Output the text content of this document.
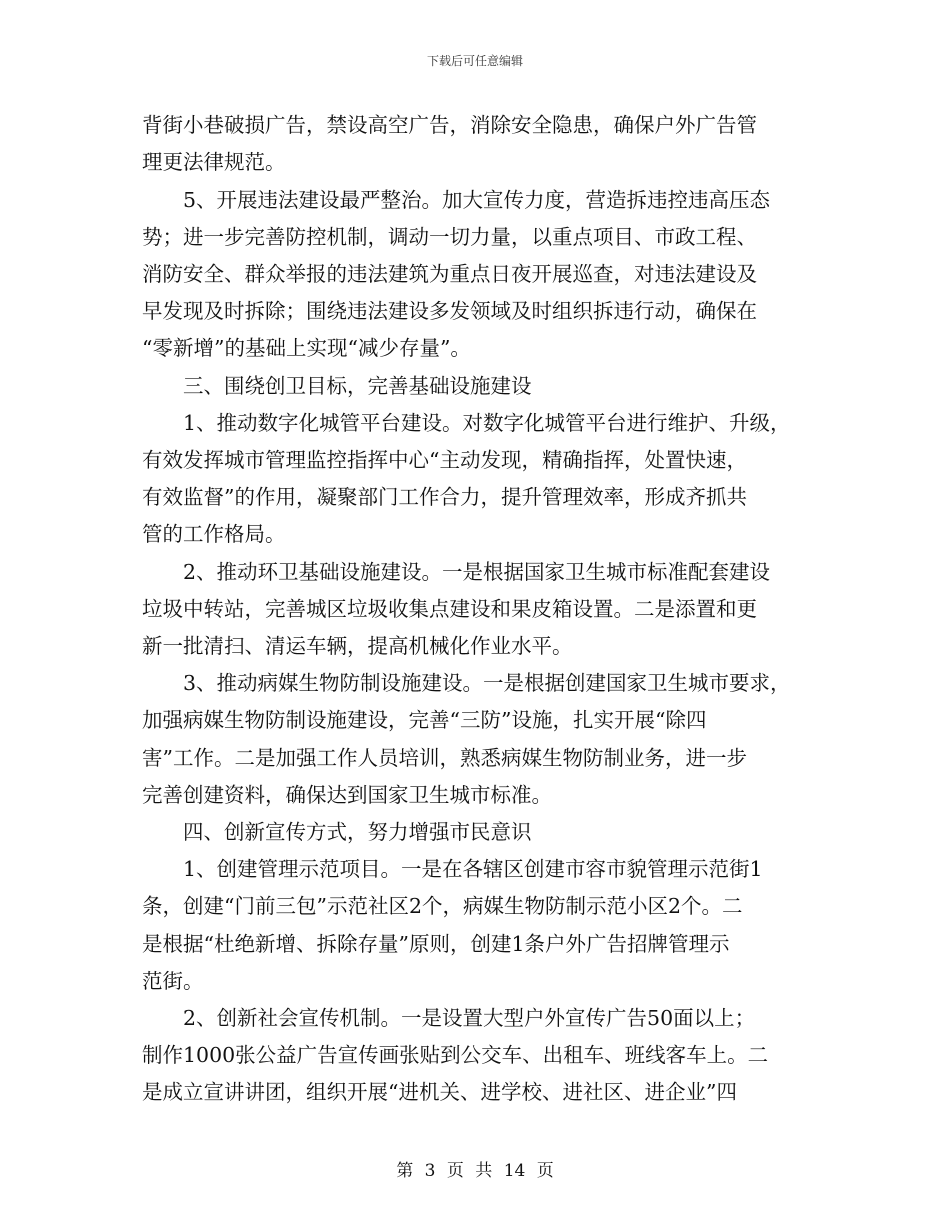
下载后可任意编辑
背街小巷破损广告，禁设高空广告，消除安全隐患，确保户外广告管
理更法律规范。
　　5、开展违法建设最严整治。加大宣传力度，营造拆违控违高压态
势；进一步完善防控机制，调动一切力量，以重点项目、市政工程、
消防安全、群众举报的违法建筑为重点日夜开展巡查，对违法建设及
早发现及时拆除；围绕违法建设多发领域及时组织拆违行动，确保在
“零新增”的基础上实现“减少存量”。
　　三、围绕创卫目标，完善基础设施建设
　　1、推动数字化城管平台建设。对数字化城管平台进行维护、升级，
有效发挥城市管理监控指挥中心“主动发现，精确指挥，处置快速，
有效监督”的作用，凝聚部门工作合力，提升管理效率，形成齐抓共
管的工作格局。
　　2、推动环卫基础设施建设。一是根据国家卫生城市标准配套建设
垃圾中转站，完善城区垃圾收集点建设和果皮箱设置。二是添置和更
新一批清扫、清运车辆，提高机械化作业水平。
　　3、推动病媒生物防制设施建设。一是根据创建国家卫生城市要求，
加强病媒生物防制设施建设，完善“三防”设施，扎实开展“除四
害”工作。二是加强工作人员培训，熟悉病媒生物防制业务，进一步
完善创建资料，确保达到国家卫生城市标准。
　　四、创新宣传方式，努力增强市民意识
　　1、创建管理示范项目。一是在各辖区创建市容市貌管理示范街1
条，创建“门前三包”示范社区2个，病媒生物防制示范小区2个。二
是根据“杜绝新增、拆除存量”原则，创建1条户外广告招牌管理示
范街。
　　2、创新社会宣传机制。一是设置大型户外宣传广告50面以上；
制作1000张公益广告宣传画张贴到公交车、出租车、班线客车上。二
是成立宣讲讲团，组织开展“进机关、进学校、进社区、进企业”四
第 3 页 共 14 页
